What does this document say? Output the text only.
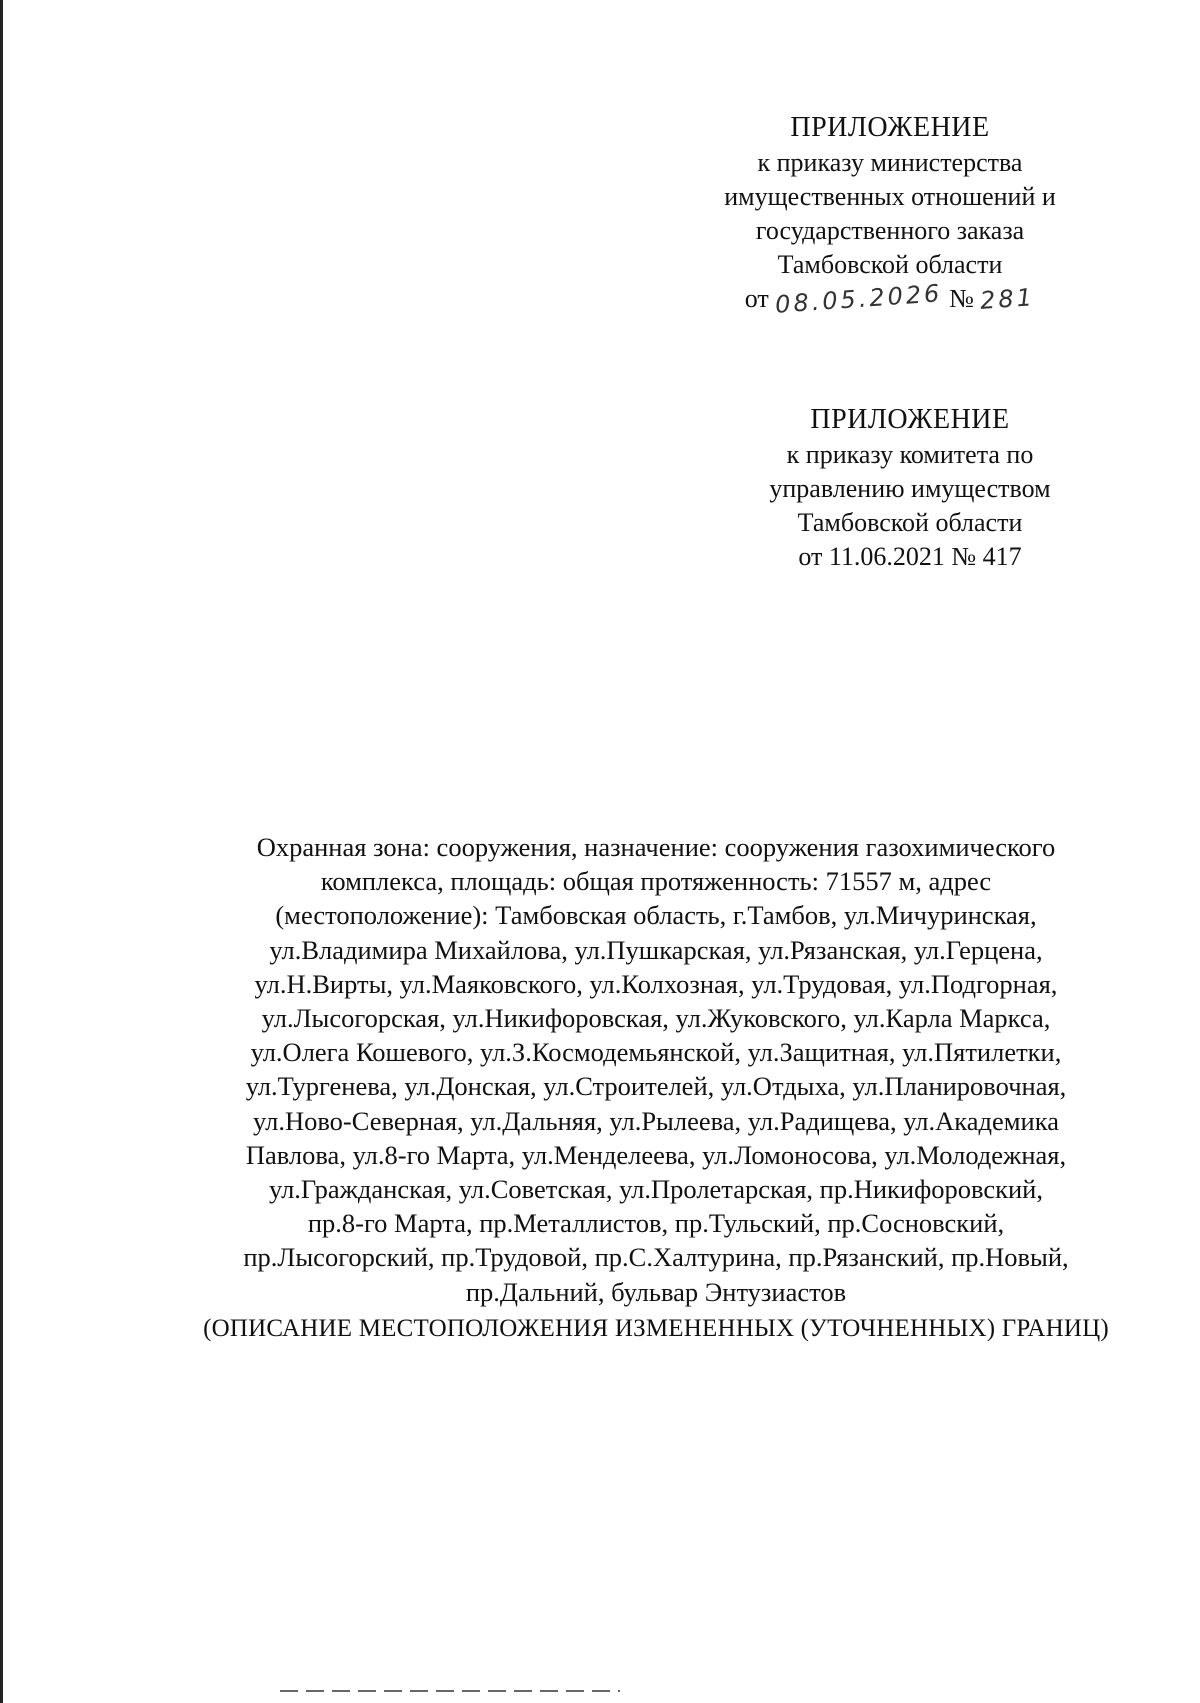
ПРИЛОЖЕНИЕ
к приказу министерства
имущественных отношений и
государственного заказа
Тамбовской области
от 08.05.2026 № 281
ПРИЛОЖЕНИЕ
к приказу комитета по
управлению имуществом
Тамбовской области
от 11.06.2021 № 417
Охранная зона: сооружения, назначение: сооружения газохимического
комплекса, площадь: общая протяженность: 71557 м, адрес
(местоположение): Тамбовская область, г.Тамбов, ул.Мичуринская,
ул.Владимира Михайлова, ул.Пушкарская, ул.Рязанская, ул.Герцена,
ул.Н.Вирты, ул.Маяковского, ул.Колхозная, ул.Трудовая, ул.Подгорная,
ул.Лысогорская, ул.Никифоровская, ул.Жуковского, ул.Карла Маркса,
ул.Олега Кошевого, ул.З.Космодемьянской, ул.Защитная, ул.Пятилетки,
ул.Тургенева, ул.Донская, ул.Строителей, ул.Отдыха, ул.Планировочная,
ул.Ново-Северная, ул.Дальняя, ул.Рылеева, ул.Радищева, ул.Академика
Павлова, ул.8-го Марта, ул.Менделеева, ул.Ломоносова, ул.Молодежная,
ул.Гражданская, ул.Советская, ул.Пролетарская, пр.Никифоровский,
пр.8-го Марта, пр.Металлистов, пр.Тульский, пр.Сосновский,
пр.Лысогорский, пр.Трудовой, пр.С.Халтурина, пр.Рязанский, пр.Новый,
пр.Дальний, бульвар Энтузиастов
(ОПИСАНИЕ МЕСТОПОЛОЖЕНИЯ ИЗМЕНЕННЫХ (УТОЧНЕННЫХ) ГРАНИЦ)
